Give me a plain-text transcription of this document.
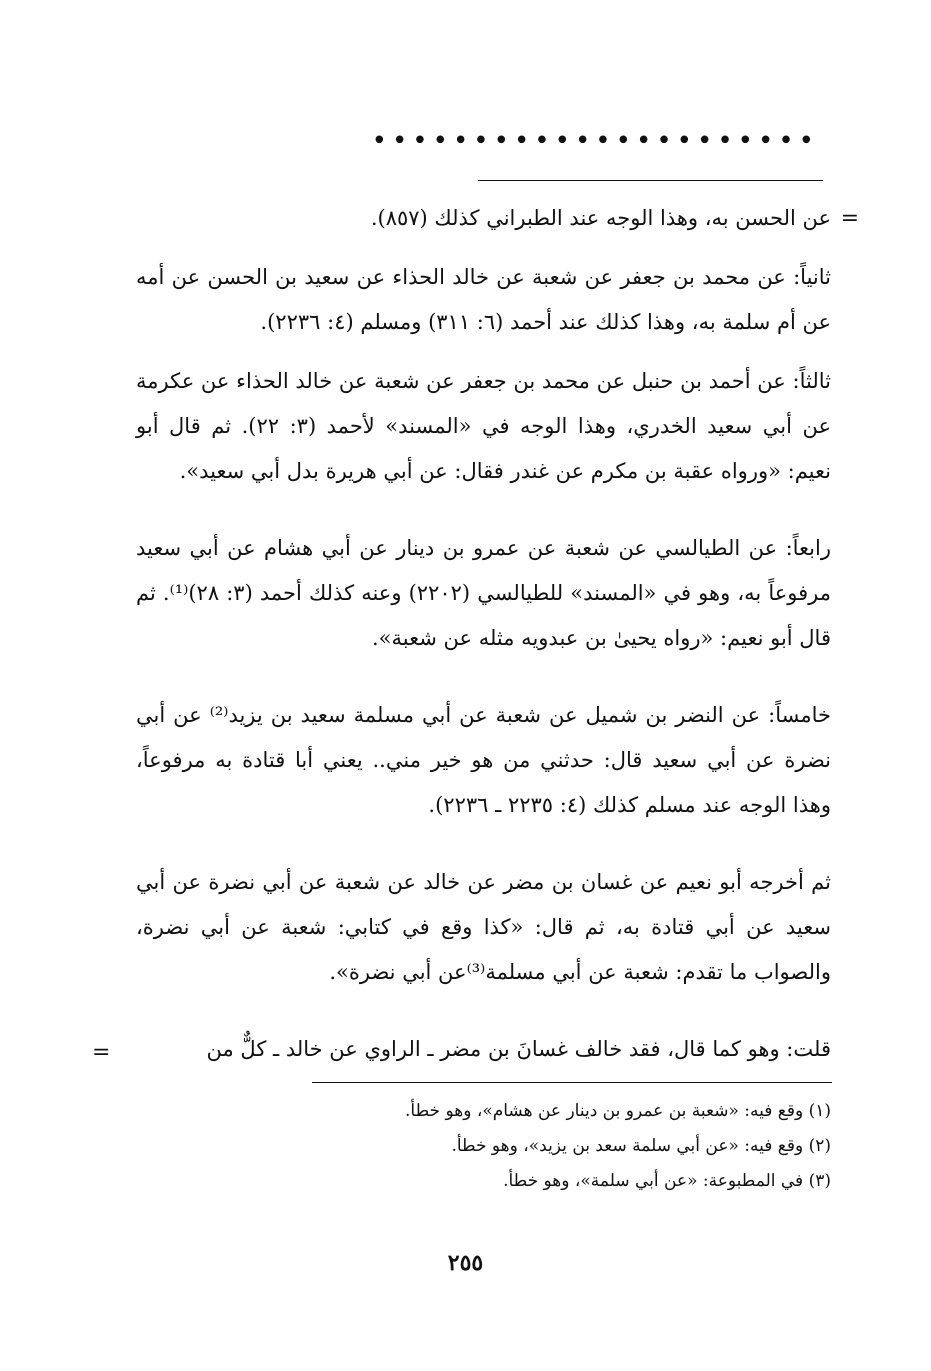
••••••••••••••••••••••
=

عن الحسن به، وهذا الوجه عند الطبراني كذلك (٨٥٧).

ثانياً: عن محمد بن جعفر عن شعبة عن خالد الحذاء عن سعيد بن الحسن عن أمه عن أم سلمة به، وهذا كذلك عند أحمد (٦: ٣١١) ومسلم (٤: ٢٢٣٦).

ثالثاً: عن أحمد بن حنبل عن محمد بن جعفر عن شعبة عن خالد الحذاء عن عكرمة عن أبي سعيد الخدري، وهذا الوجه في «المسند» لأحمد (٣: ٢٢). ثم قال أبو نعيم: «ورواه عقبة بن مكرم عن غندر فقال: عن أبي هريرة بدل أبي سعيد».

رابعاً: عن الطيالسي عن شعبة عن عمرو بن دينار عن أبي هشام عن أبي سعيد مرفوعاً به، وهو في «المسند» للطيالسي (٢٢٠٢) وعنه كذلك أحمد (٣: ٢٨)⁽¹⁾. ثم قال أبو نعيم: «رواه يحيىٰ بن عبدويه مثله عن شعبة».

خامساً: عن النضر بن شميل عن شعبة عن أبي مسلمة سعيد بن يزيد⁽²⁾ عن أبي نضرة عن أبي سعيد قال: حدثني من هو خير مني.. يعني أبا قتادة به مرفوعاً، وهذا الوجه عند مسلم كذلك (٤: ٢٢٣٥ ـ ٢٢٣٦).

ثم أخرجه أبو نعيم عن غسان بن مضر عن خالد عن شعبة عن أبي نضرة عن أبي سعيد عن أبي قتادة به، ثم قال: «كذا وقع في كتابي: شعبة عن أبي نضرة، والصواب ما تقدم: شعبة عن أبي مسلمة⁽³⁾عن أبي نضرة».

قلت: وهو كما قال، فقد خالف غسانَ بن مضر ـ الراوي عن خالد ـ كلٌّ من

=
(١) وقع فيه: «شعبة بن عمرو بن دينار عن هشام»، وهو خطأ.
(٢) وقع فيه: «عن أبي سلمة سعد بن يزيد»، وهو خطأ.
(٣) في المطبوعة: «عن أبي سلمة»، وهو خطأ.
٢٥٥
